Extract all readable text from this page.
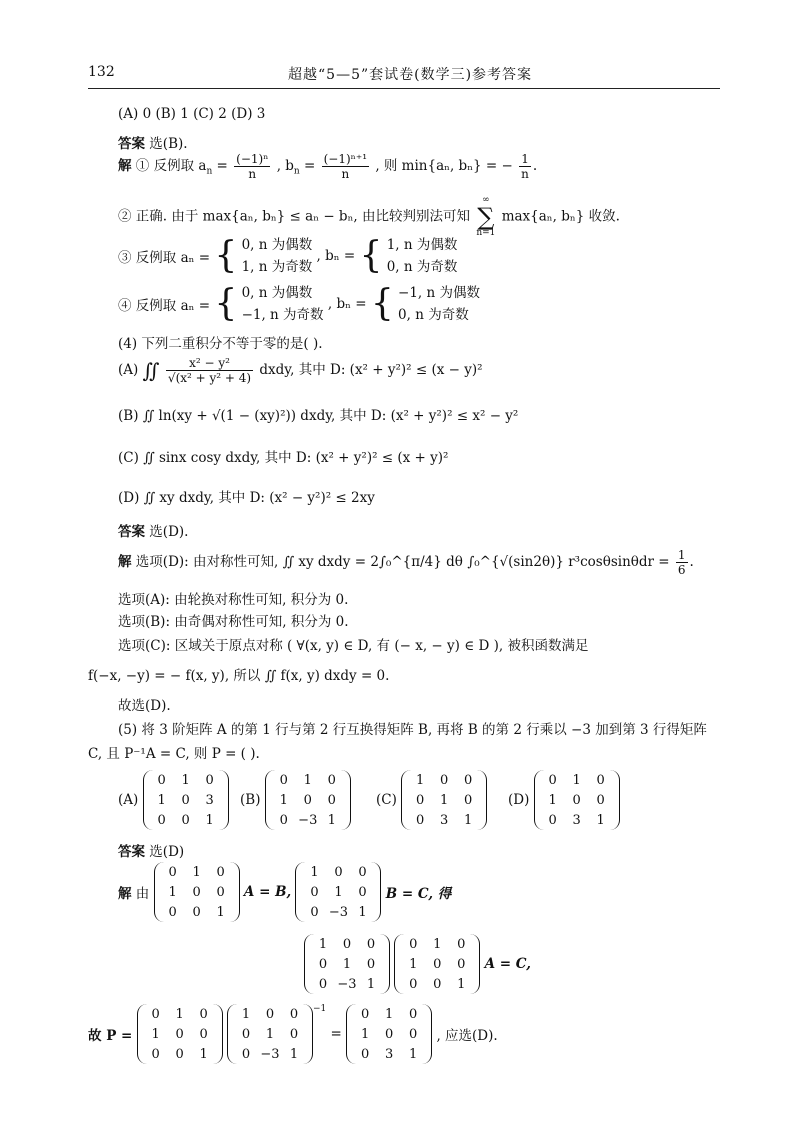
132	超越“5—5”套试卷(数学三)参考答案
(A) 0 (B) 1 (C) 2 (D) 3
答案 选(B).
解 ① 反例取 $a_n = \frac{\text{(−1)ⁿ}}{n}$ , $b_n = \frac{\text{(−1)ⁿ⁺¹}}{n}$ , 则 min{aₙ, bₙ} = − $\frac{1}{n}$ .
② 正确. 由于 max{aₙ, bₙ} ≤ aₙ − bₙ, 由比较判别法可知
∞
∑
n=1
max{aₙ, bₙ} 收敛.
③ 反例取 aₙ = { 0, n 为偶数
1, n 为奇数
, bₙ = { 1, n 为偶数
0, n 为奇数
④ 反例取 aₙ = { 0, n 为偶数
−1, n 为奇数
, bₙ = { −1, n 为偶数
0, n 为奇数
(4) 下列二重积分不等于零的是( ).
(A) ∬ $\frac{\text{x² − y²}}{\text{√(x² + y² + 4)}}$ dxdy, 其中 D: (x² + y²)² ≤ (x − y)²
(B) ∬ ln(xy + √(1 − (xy)²)) dxdy, 其中 D: (x² + y²)² ≤ x² − y²
(C) ∬ sinx cosy dxdy, 其中 D: (x² + y²)² ≤ (x + y)²
(D) ∬ xy dxdy, 其中 D: (x² − y²)² ≤ 2xy
答案 选(D).
解 选项(D): 由对称性可知, ∬ xy dxdy = 2∫₀^{π/4} dθ ∫₀^{√(sin2θ)} $r^3\cos\theta\sin\theta dr = \frac{1}{6}$ .
选项(A): 由轮换对称性可知, 积分为 0.
选项(B): 由奇偶对称性可知, 积分为 0.
选项(C): 区域关于原点对称 ( ∀(x, y) ∈ D, 有 (− x, − y) ∈ D ), 被积函数满足
f(−x, −y) = − f(x, y), 所以 ∬ f(x, y) dxdy = 0.
故选(D).
(5) 将 3 阶矩阵 A 的第 1 行与第 2 行互换得矩阵 B, 再将 B 的第 2 行乘以 −3 加到第 3 行得矩阵
C, 且 P⁻¹A = C, 则 P = ( ).
(A)
0	1	0
1	0	3
0	0	1
(B)
0	1	0
1	0	0
0	−3	1
(C)
1	0	0
0	1	0
0	3	1
(D)
0	1	0
1	0	0
0	3	1
答案 选(D)
解 由
0	1	0
1	0	0
0	0	1
A = B,
1	0	0
0	1	0
0	−3	1
B = C, 得
1	0	0
0	1	0
0	−3	1

0	1	0
1	0	0
0	0	1
A = C,
故 P =
0	1	0
1	0	0
0	0	1

1	0	0
0	1	0
0	−3	1
$^{-1}$ =
0	1	0
1	0	0
0	3	1
, 应选(D).
